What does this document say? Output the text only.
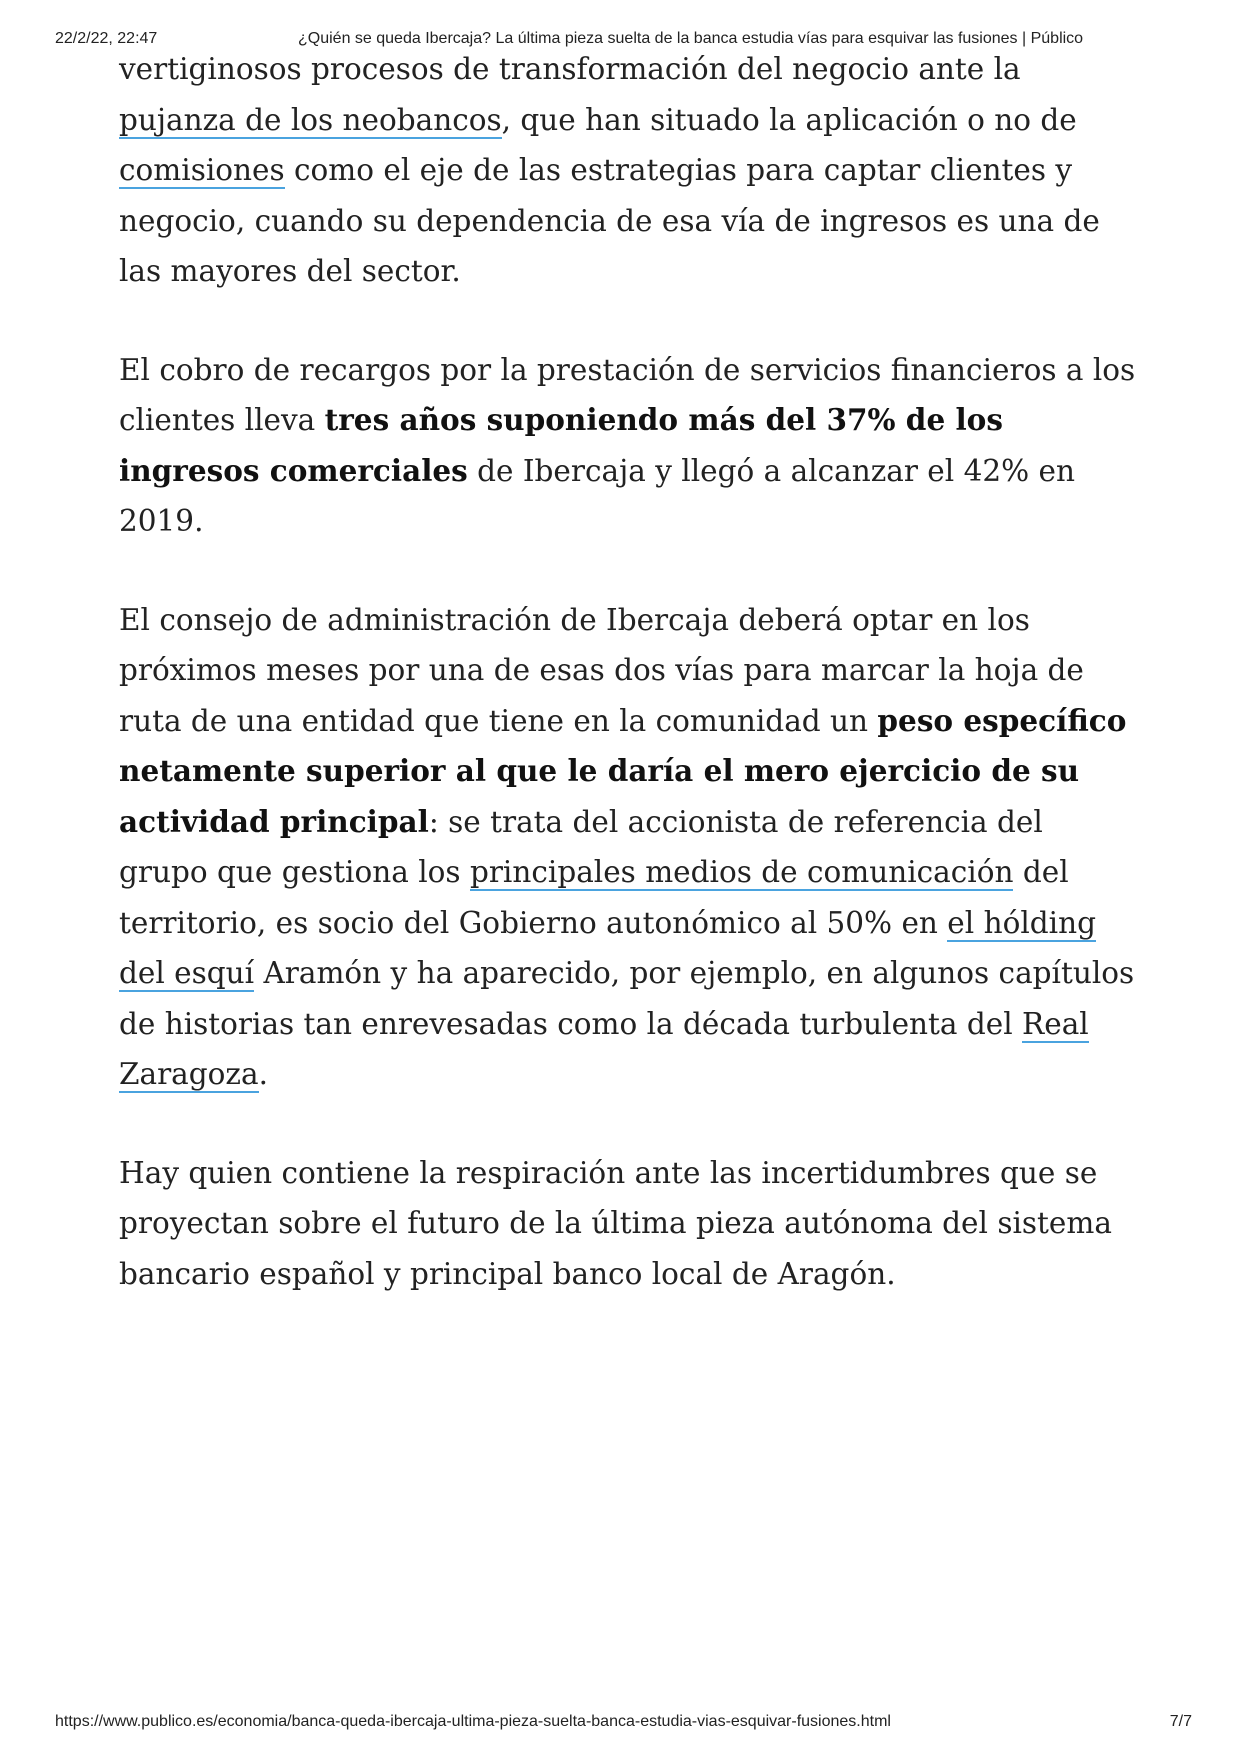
22/2/22, 22:47	¿Quién se queda Ibercaja? La última pieza suelta de la banca estudia vías para esquivar las fusiones | Público

vertiginosos procesos de transformación del negocio ante la pujanza de los neobancos, que han situado la aplicación o no de comisiones como el eje de las estrategias para captar clientes y negocio, cuando su dependencia de esa vía de ingresos es una de las mayores del sector.

El cobro de recargos por la prestación de servicios financieros a los clientes lleva tres años suponiendo más del 37% de los ingresos comerciales de Ibercaja y llegó a alcanzar el 42% en 2019.

El consejo de administración de Ibercaja deberá optar en los próximos meses por una de esas dos vías para marcar la hoja de ruta de una entidad que tiene en la comunidad un peso específico netamente superior al que le daría el mero ejercicio de su actividad principal: se trata del accionista de referencia del grupo que gestiona los principales medios de comunicación del territorio, es socio del Gobierno autonómico al 50% en el hólding del esquí Aramón y ha aparecido, por ejemplo, en algunos capítulos de historias tan enrevesadas como la década turbulenta del Real Zaragoza.

Hay quien contiene la respiración ante las incertidumbres que se proyectan sobre el futuro de la última pieza autónoma del sistema bancario español y principal banco local de Aragón.

https://www.publico.es/economia/banca-queda-ibercaja-ultima-pieza-suelta-banca-estudia-vias-esquivar-fusiones.html	7/7
